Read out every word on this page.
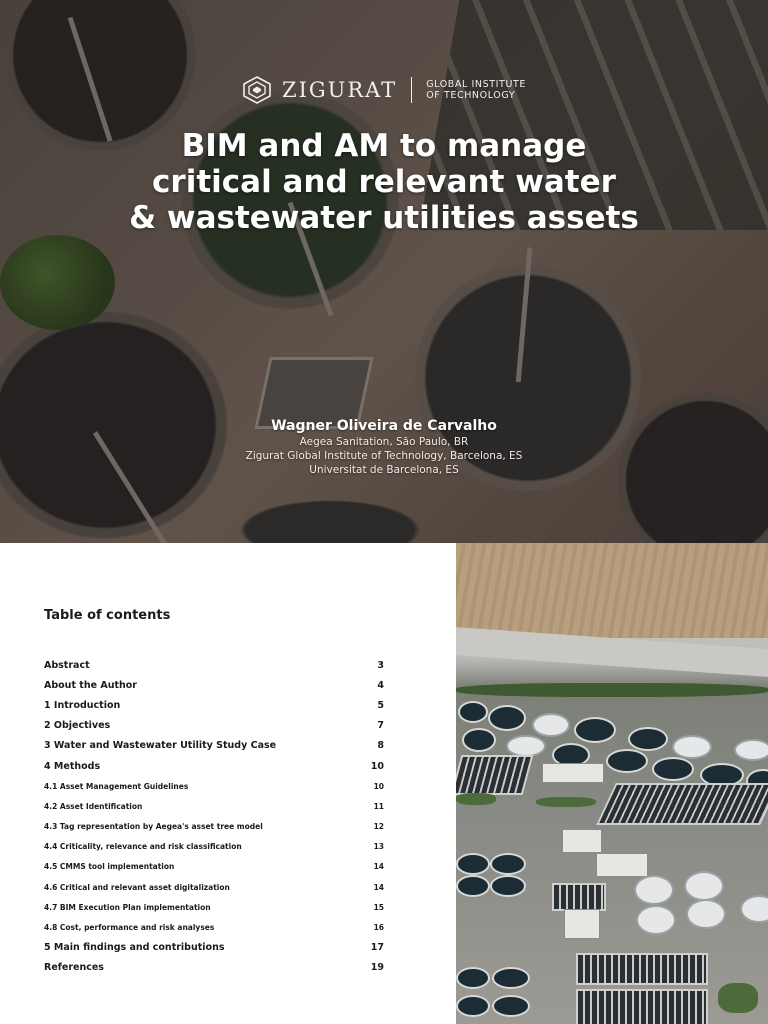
ZIGURAT	GLOBAL INSTITUTE
OF TECHNOLOGY
BIM and AM to manage
critical and relevant water
& wastewater utilities assets
Wagner Oliveira de Carvalho
Aegea Sanitation, São Paulo, BR
Zigurat Global Institute of Technology, Barcelona, ES
Universitat de Barcelona, ES
Table of contents
Abstract	3
About the Author	4
1 Introduction	5
2 Objectives	7
3 Water and Wastewater Utility Study Case	8
4 Methods	10
4.1 Asset Management Guidelines	10
4.2 Asset Identification	11
4.3 Tag representation by Aegea's asset tree model	12
4.4 Criticality, relevance and risk classification	13
4.5 CMMS tool implementation	14
4.6 Critical and relevant asset digitalization	14
4.7 BIM Execution Plan implementation	15
4.8 Cost, performance and risk analyses	16
5 Main findings and contributions	17
References	19
